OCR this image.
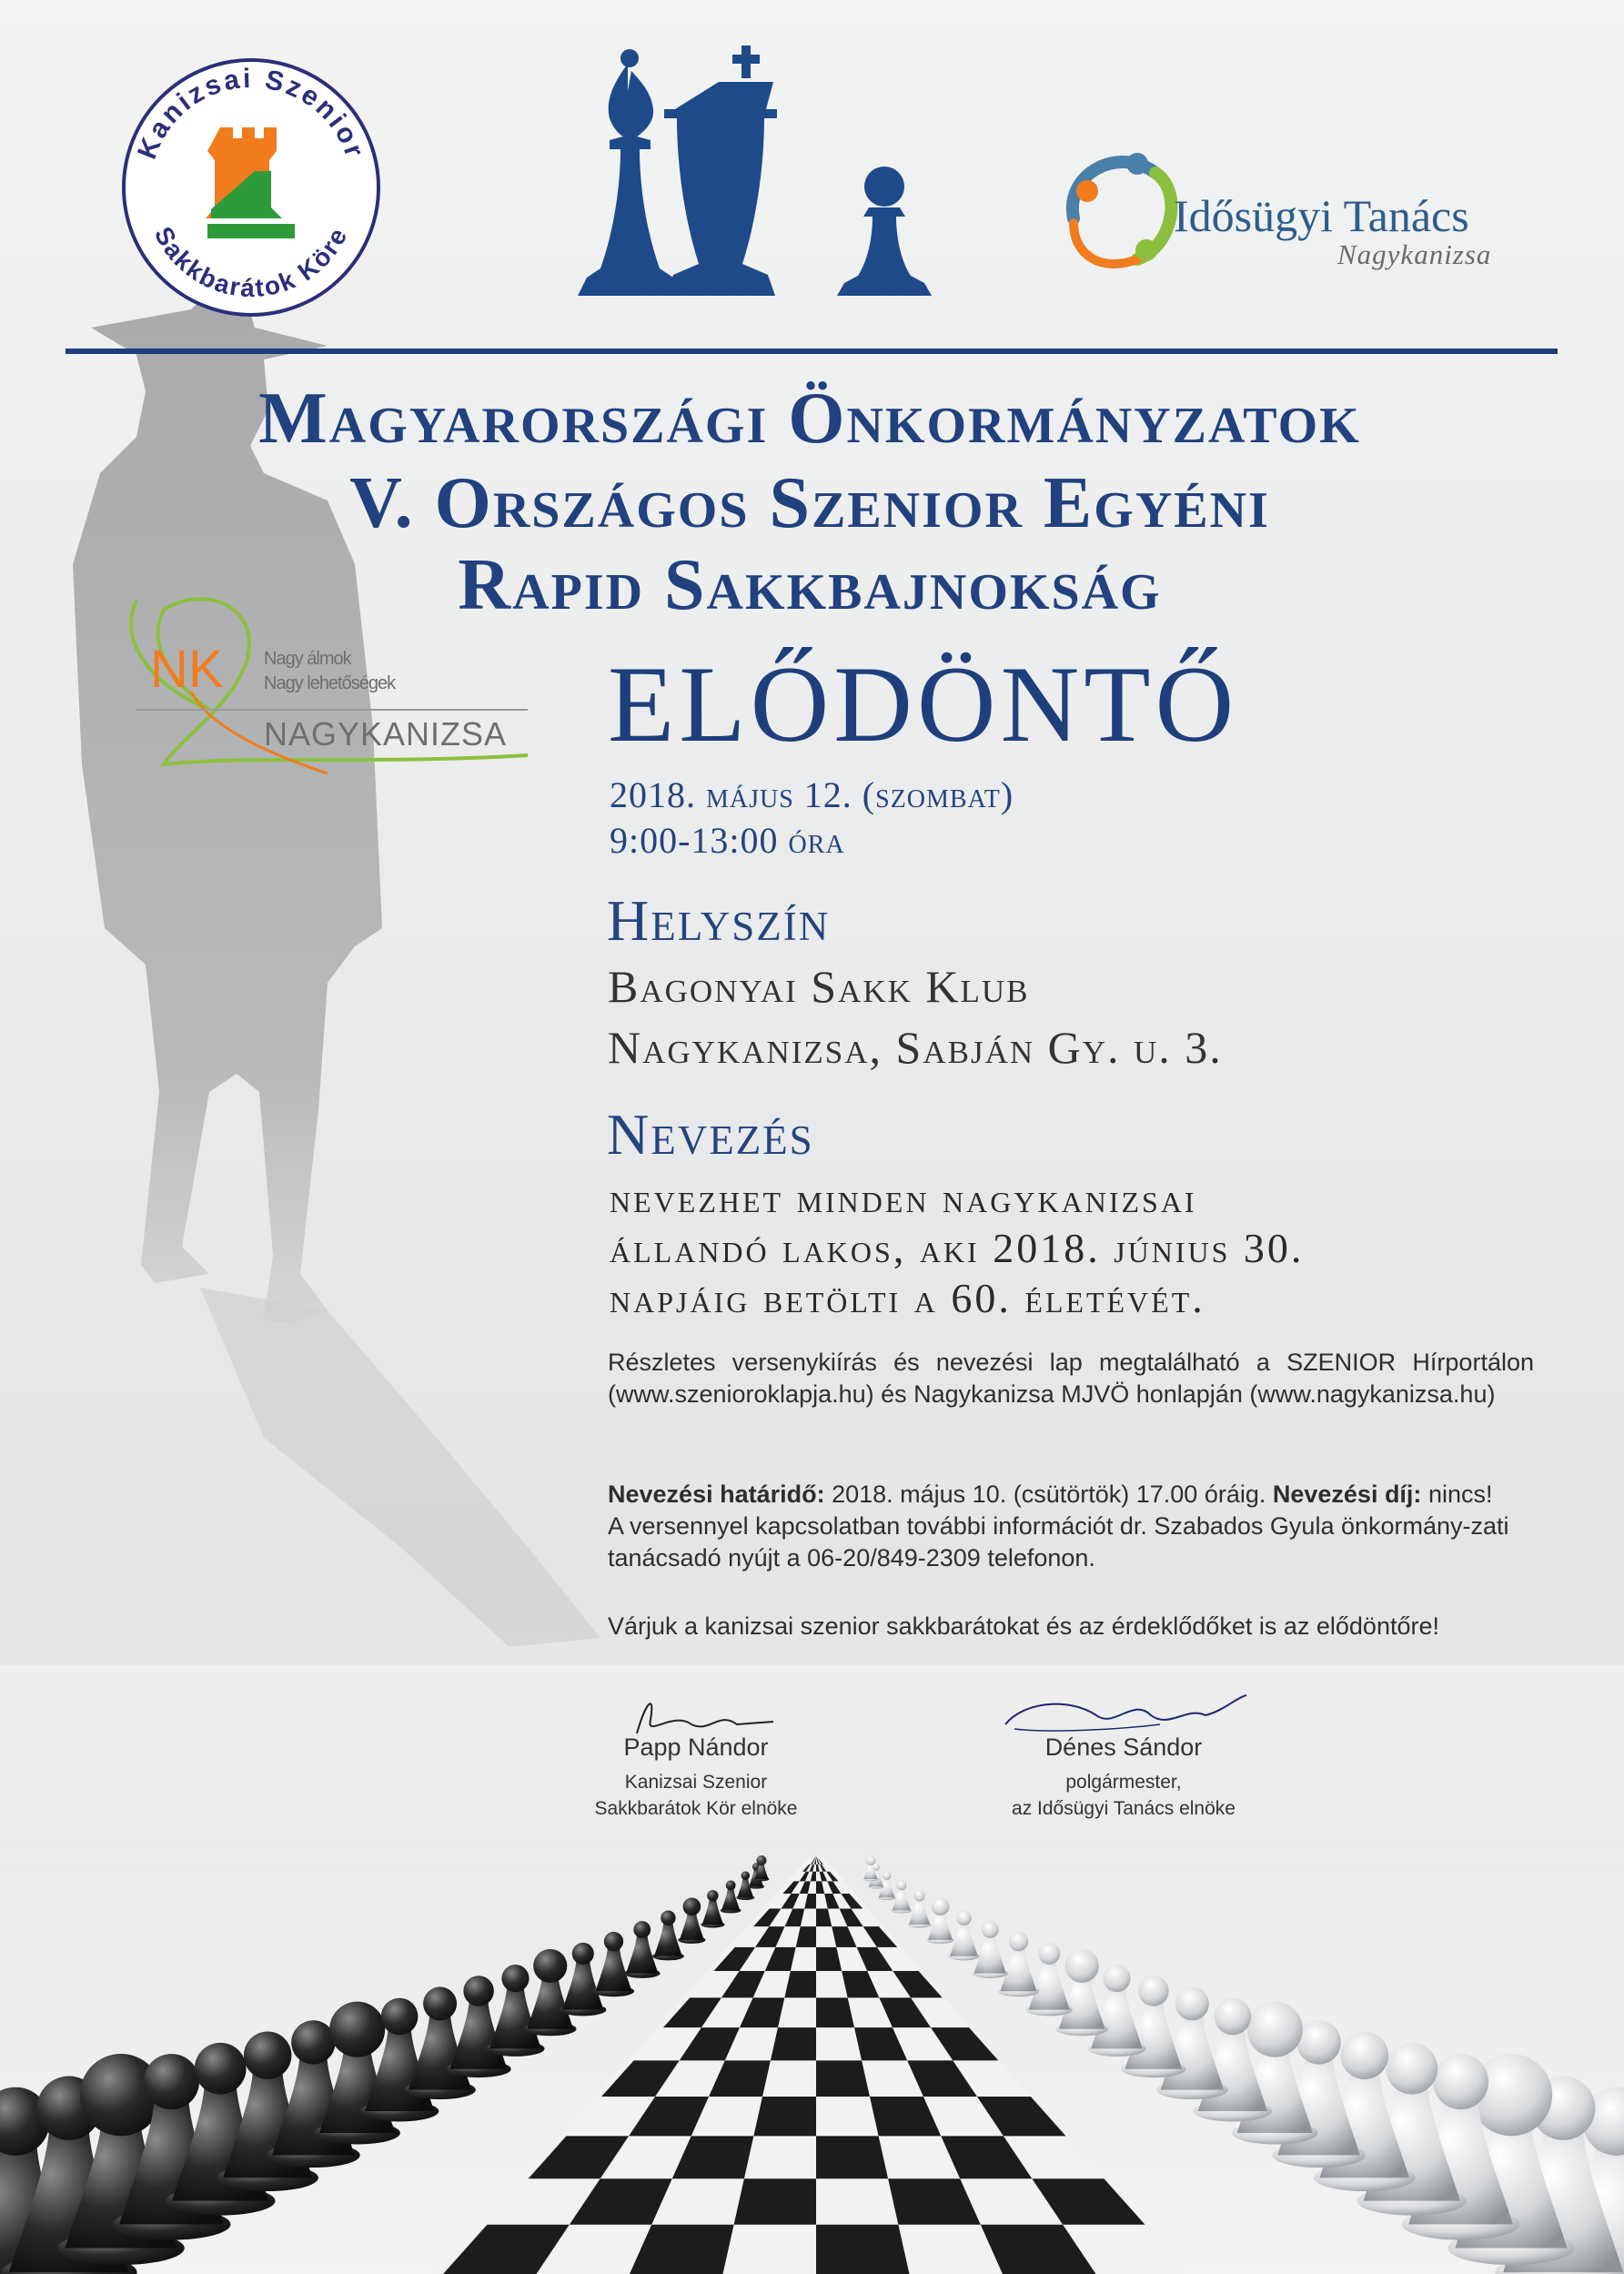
Kanizsai Szenior
Sakkbarátok Köre	Idősügyi Tanács
Nagykanizsa
Magyarországi Önkormányzatok
V. Országos Szenior Egyéni
Rapid Sakkbajnokság
NK Nagy álmok
Nagy lehetőségek
NAGYKANIZSA ELŐDÖNTŐ
2018. május 12. (szombat)
9:00-13:00 óra
Helyszín
Bagonyai Sakk Klub
Nagykanizsa, Sabján Gy. u. 3.
Nevezés
nevezhet minden nagykanizsai
állandó lakos, aki 2018. június 30.
napjáig betölti a 60. életévét.
Részletes versenykiírás és nevezési lap megtalálható a SZENIOR Hírportálon (www.szenioroklapja.hu) és Nagykanizsa MJVÖ honlapján (www.nagykanizsa.hu)
Nevezési határidő: 2018. május 10. (csütörtök) 17.00 óráig. Nevezési díj: nincs!
A versennyel kapcsolatban további információt dr. Szabados Gyula önkormány-zati tanácsadó nyújt a 06-20/849-2309 telefonon.
Várjuk a kanizsai szenior sakkbarátokat és az érdeklődőket is az elődöntőre!
Papp Nándor
Kanizsai Szenior
Sakkbarátok Kör elnöke
Dénes Sándor
polgármester,
az Idősügyi Tanács elnöke
